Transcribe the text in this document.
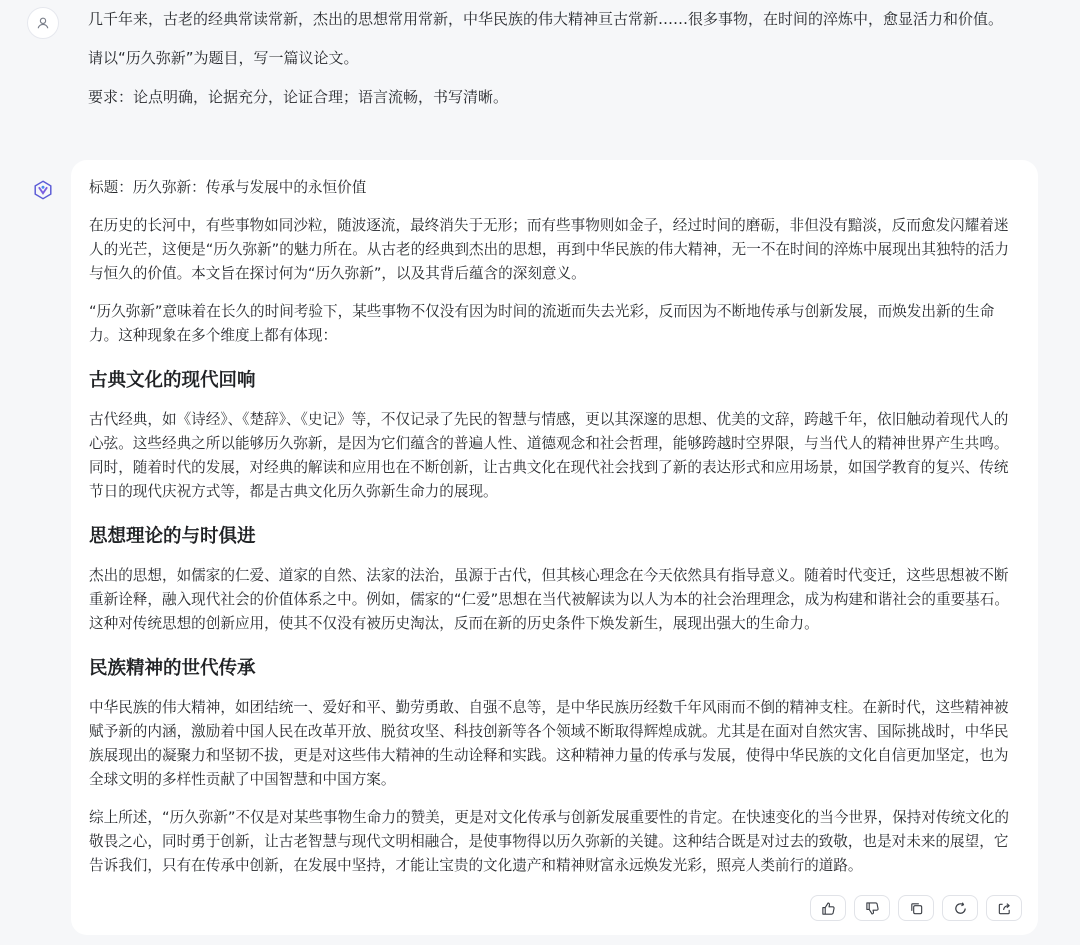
几千年来，古老的经典常读常新，杰出的思想常用常新，中华民族的伟大精神亘古常新……很多事物，在时间的淬炼中，愈显活力和价值。

请以“历久弥新”为题目，写一篇议论文。

要求：论点明确，论据充分，论证合理；语言流畅，书写清晰。

标题：历久弥新：传承与发展中的永恒价值

在历史的长河中，有些事物如同沙粒，随波逐流，最终消失于无形；而有些事物则如金子，经过时间的磨砺，非但没有黯淡，反而愈发闪耀着迷人的光芒，这便是“历久弥新”的魅力所在。从古老的经典到杰出的思想，再到中华民族的伟大精神，无一不在时间的淬炼中展现出其独特的活力与恒久的价值。本文旨在探讨何为“历久弥新”，以及其背后蕴含的深刻意义。

“历久弥新”意味着在长久的时间考验下，某些事物不仅没有因为时间的流逝而失去光彩，反而因为不断地传承与创新发展，而焕发出新的生命力。这种现象在多个维度上都有体现：

古典文化的现代回响

古代经典，如《诗经》、《楚辞》、《史记》等，不仅记录了先民的智慧与情感，更以其深邃的思想、优美的文辞，跨越千年，依旧触动着现代人的心弦。这些经典之所以能够历久弥新，是因为它们蕴含的普遍人性、道德观念和社会哲理，能够跨越时空界限，与当代人的精神世界产生共鸣。同时，随着时代的发展，对经典的解读和应用也在不断创新，让古典文化在现代社会找到了新的表达形式和应用场景，如国学教育的复兴、传统节日的现代庆祝方式等，都是古典文化历久弥新生命力的展现。

思想理论的与时俱进

杰出的思想，如儒家的仁爱、道家的自然、法家的法治，虽源于古代，但其核心理念在今天依然具有指导意义。随着时代变迁，这些思想被不断重新诠释，融入现代社会的价值体系之中。例如，儒家的“仁爱”思想在当代被解读为以人为本的社会治理理念，成为构建和谐社会的重要基石。这种对传统思想的创新应用，使其不仅没有被历史淘汰，反而在新的历史条件下焕发新生，展现出强大的生命力。

民族精神的世代传承

中华民族的伟大精神，如团结统一、爱好和平、勤劳勇敢、自强不息等，是中华民族历经数千年风雨而不倒的精神支柱。在新时代，这些精神被赋予新的内涵，激励着中国人民在改革开放、脱贫攻坚、科技创新等各个领域不断取得辉煌成就。尤其是在面对自然灾害、国际挑战时，中华民族展现出的凝聚力和坚韧不拔，更是对这些伟大精神的生动诠释和实践。这种精神力量的传承与发展，使得中华民族的文化自信更加坚定，也为全球文明的多样性贡献了中国智慧和中国方案。

综上所述，“历久弥新”不仅是对某些事物生命力的赞美，更是对文化传承与创新发展重要性的肯定。在快速变化的当今世界，保持对传统文化的敬畏之心，同时勇于创新，让古老智慧与现代文明相融合，是使事物得以历久弥新的关键。这种结合既是对过去的致敬，也是对未来的展望，它告诉我们，只有在传承中创新，在发展中坚持，才能让宝贵的文化遗产和精神财富永远焕发光彩，照亮人类前行的道路。
